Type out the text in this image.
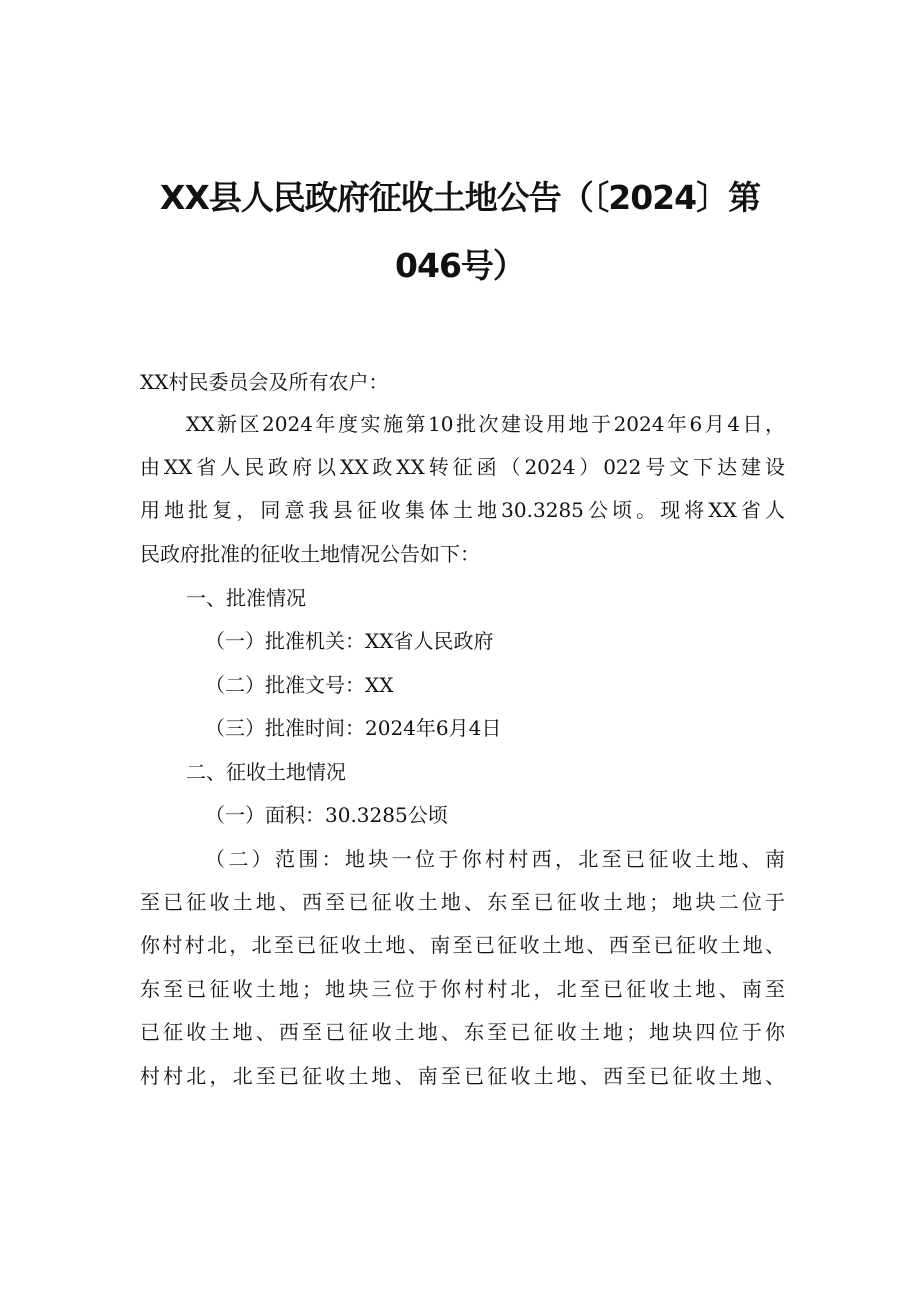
XX县人民政府征收土地公告（〔2024〕第
046号）
XX村民委员会及所有农户：
XX新区2024年度实施第10批次建设用地于2024年6月4日，
由XX省人民政府以XX政XX转征函（2024）022号文下达建设
用地批复，同意我县征收集体土地30.3285公顷。现将XX省人
民政府批准的征收土地情况公告如下：
一、批准情况
（一）批准机关：XX省人民政府
（二）批准文号：XX
（三）批准时间：2024年6月4日
二、征收土地情况
（一）面积：30.3285公顷
（二）范围：地块一位于你村村西，北至已征收土地、南
至已征收土地、西至已征收土地、东至已征收土地；地块二位于
你村村北，北至已征收土地、南至已征收土地、西至已征收土地、
东至已征收土地；地块三位于你村村北，北至已征收土地、南至
已征收土地、西至已征收土地、东至已征收土地；地块四位于你
村村北，北至已征收土地、南至已征收土地、西至已征收土地、
